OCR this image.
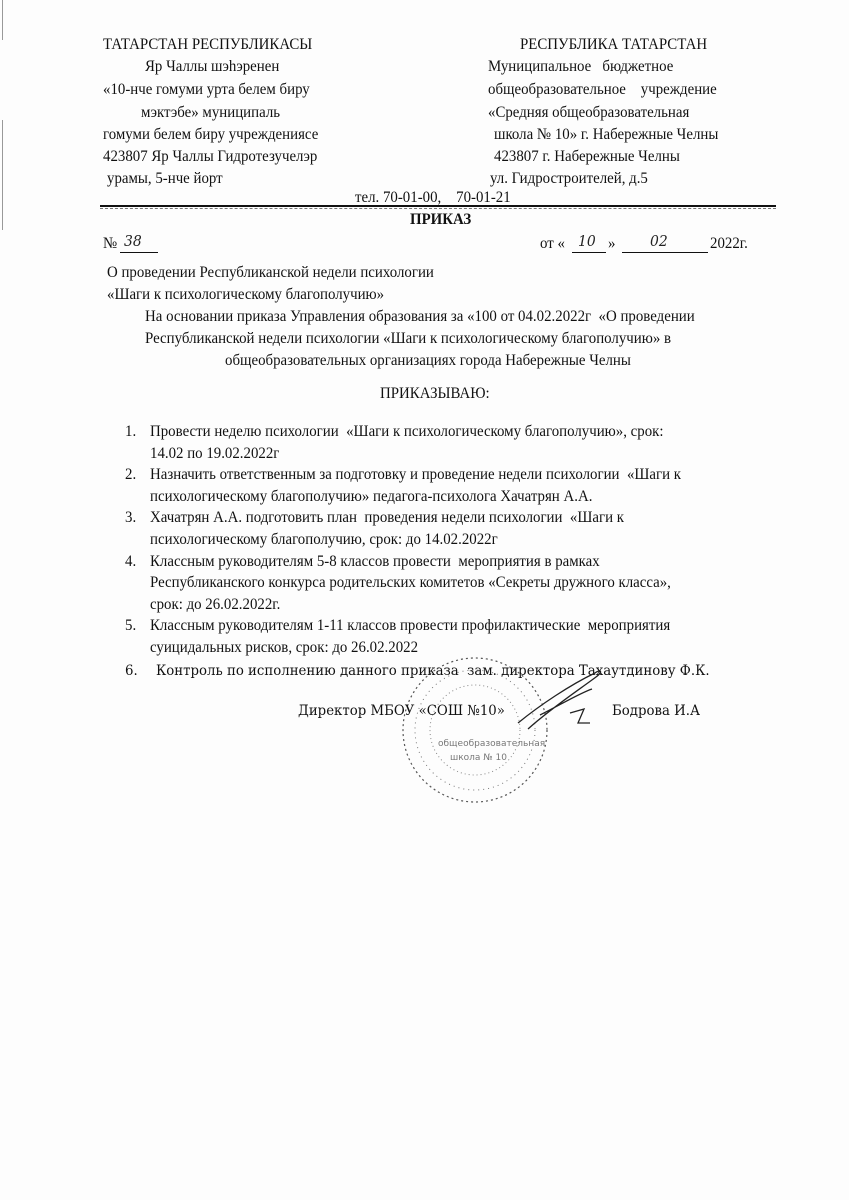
ТАТАРСТАН РЕСПУБЛИКАСЫ
Яр Чаллы шэһэренен
«10-нче гомуми урта белем биру
мэктэбе» муниципаль
гомуми белем биру учреждениясе
423807 Яр Чаллы Гидротезучелэр
урамы, 5-нче йорт
РЕСПУБЛИКА ТАТАРСТАН
Муниципальное   бюджетное
общеобразовательное    учреждение
«Средняя общеобразовательная
школа № 10» г. Набережные Челны
423807 г. Набережные Челны
ул. Гидростроителей, д.5
тел. 70-01-00,    70-01-21
ПРИКАЗ
№ 38	от « 10 » 02	2022г.
О проведении Республиканской недели психологии
«Шаги к психологическому благополучию»
На основании приказа Управления образования за «100 от 04.02.2022г  «О проведении
Республиканской недели психологии «Шаги к психологическому благополучию» в
общеобразовательных организациях города Набережные Челны
ПРИКАЗЫВАЮ:
1. Провести неделю психологии  «Шаги к психологическому благополучию», срок:
14.02 по 19.02.2022г
2. Назначить ответственным за подготовку и проведение недели психологии  «Шаги к
психологическому благополучию» педагога-психолога Хачатрян А.А.
3. Хачатрян А.А. подготовить план  проведения недели психологии  «Шаги к
психологическому благополучию, срок: до 14.02.2022г
4. Классным руководителям 5-8 классов провести  мероприятия в рамках
Республиканского конкурса родительских комитетов «Секреты дружного класса»,
срок: до 26.02.2022г.
5. Классным руководителям 1-11 классов провести профилактические  мероприятия
суицидальных рисков, срок: до 26.02.2022
6. Контроль по исполнению данного приказа  зам. директора Тахаутдинову Ф.К.
общеобразовательная
школа № 10
Директор МБОУ «СОШ №10»	Бодрова И.А
